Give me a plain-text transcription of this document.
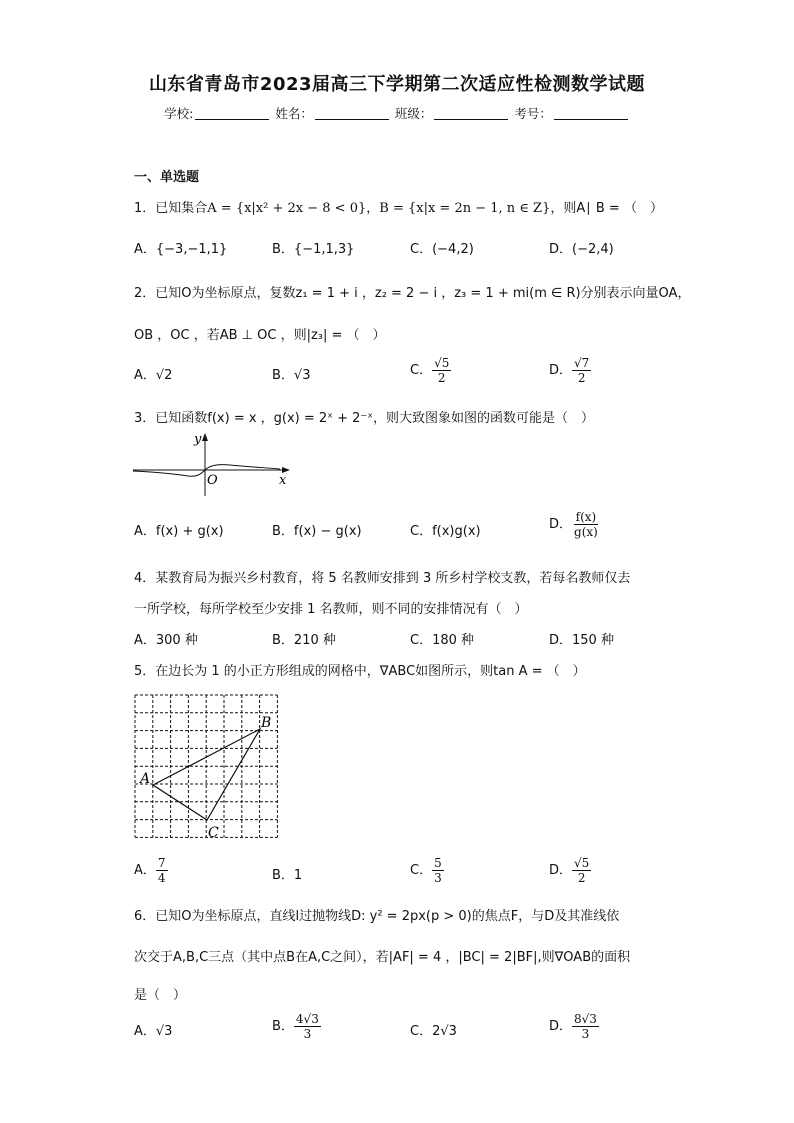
山东省青岛市2023届高三下学期第二次适应性检测数学试题
学校:	姓名：	班级：	考号：
一、单选题
1．已知集合A = {x|x² + 2x − 8 < 0}，B = {x|x = 2n − 1, n ∈ Z}，则A∣ B = （　）
A．{−3,−1,1}	B．{−1,1,3}	C．(−4,2)	D．(−2,4)
2．已知O为坐标原点，复数z₁ = 1 + i ，z₂ = 2 − i ，z₃ = 1 + mi(m ∈ R)分别表示向量OA，
OB ，OC ，若AB ⊥ OC ，则|z₃| = （　）
A．√2	B．√3	C． $\frac{√5}{2}$	D． $\frac{√7}{2}$
3．已知函数f(x) = x ，g(x) = 2ˣ + 2⁻ˣ，则大致图象如图的函数可能是（　）
y
O	x
A．f(x) + g(x)	B．f(x) − g(x)	C．f(x)g(x)	D． $\frac{f(x)}{g(x)}$
4．某教育局为振兴乡村教育，将 5 名教师安排到 3 所乡村学校支教，若每名教师仅去
一所学校，每所学校至少安排 1 名教师，则不同的安排情况有（　）
A．300 种	B．210 种	C．180 种	D．150 种
5．在边长为 1 的小正方形组成的网格中，∇ABC如图所示，则tan A = （　）
B
A
C
A． $\frac{7}{4}$	B．1	C． $\frac{5}{3}$	D． $\frac{√5}{2}$
6．已知O为坐标原点，直线l过抛物线D: y² = 2px(p > 0)的焦点F，与D及其准线依
次交于A,B,C三点（其中点B在A,C之间），若|AF| = 4 ，|BC| = 2|BF|,则∇OAB的面积
是（　）
A．√3	B． $\frac{4√3}{3}$	C．2√3	D． $\frac{8√3}{3}$
